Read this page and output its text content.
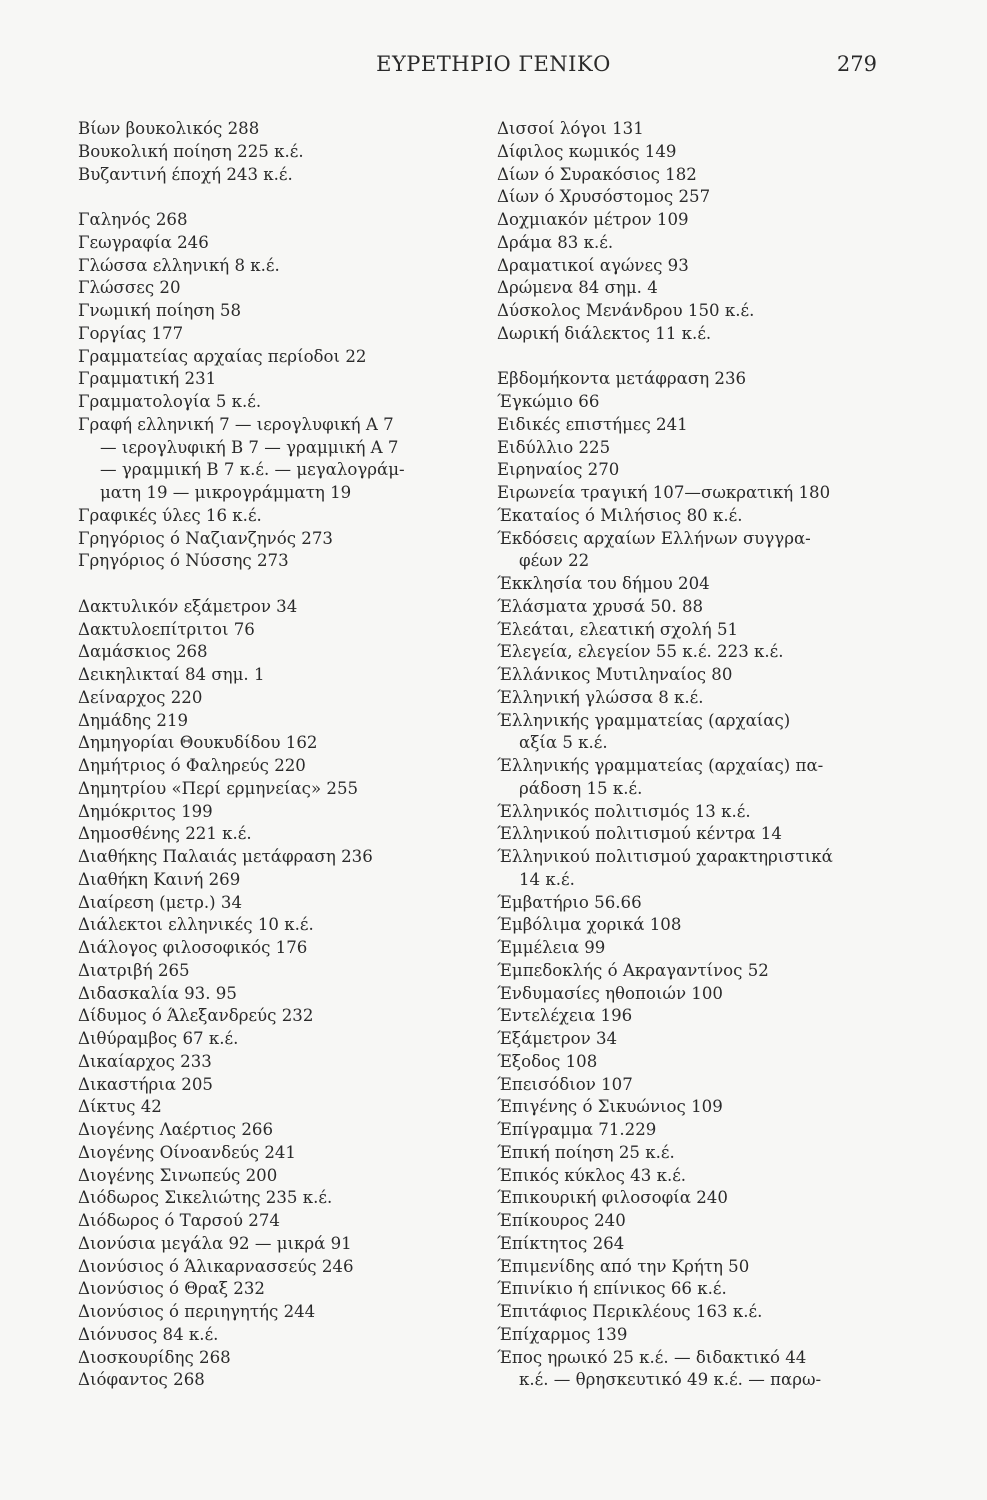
ΕΥΡΕΤΗΡΙΟ ΓΕΝΙΚΟ	279
Βίων βουκολικός 288
Βουκολική ποίηση 225 κ.έ.
Βυζαντινή έποχή 243 κ.έ.
Γαληνός 268
Γεωγραφία 246
Γλώσσα ελληνική 8 κ.έ.
Γλώσσες 20
Γνωμική ποίηση 58
Γοργίας 177
Γραμματείας αρχαίας περίοδοι 22
Γραμματική 231
Γραμματολογία 5 κ.έ.
Γραφή ελληνική 7 — ιερογλυφική Α 7
— ιερογλυφική Β 7 — γραμμική Α 7
— γραμμική Β 7 κ.έ. — μεγαλογράμ-
ματη 19 — μικρογράμματη 19
Γραφικές ύλες 16 κ.έ.
Γρηγόριος ό Ναζιανζηνός 273
Γρηγόριος ό Νύσσης 273
Δακτυλικόν εξάμετρον 34
Δακτυλοεπίτριτοι 76
Δαμάσκιος 268
Δεικηλικταί 84 σημ. 1
Δείναρχος 220
Δημάδης 219
Δημηγορίαι Θουκυδίδου 162
Δημήτριος ό Φαληρεύς 220
Δημητρίου «Περί ερμηνείας» 255
Δημόκριτος 199
Δημοσθένης 221 κ.έ.
Διαθήκης Παλαιάς μετάφραση 236
Διαθήκη Καινή 269
Διαίρεση (μετρ.) 34
Διάλεκτοι ελληνικές 10 κ.έ.
Διάλογος φιλοσοφικός 176
Διατριβή 265
Διδασκαλία 93. 95
Δίδυμος ό Άλεξανδρεύς 232
Διθύραμβος 67 κ.έ.
Δικαίαρχος 233
Δικαστήρια 205
Δίκτυς 42
Διογένης Λαέρτιος 266
Διογένης Οίνοανδεύς 241
Διογένης Σινωπεύς 200
Διόδωρος Σικελιώτης 235 κ.έ.
Διόδωρος ό Ταρσού 274
Διονύσια μεγάλα 92 — μικρά 91
Διονύσιος ό Άλικαρνασσεύς 246
Διονύσιος ό Θραξ 232
Διονύσιος ό περιηγητής 244
Διόνυσος 84 κ.έ.
Διοσκουρίδης 268
Διόφαντος 268
Δισσοί λόγοι 131
Δίφιλος κωμικός 149
Δίων ό Συρακόσιος 182
Δίων ό Χρυσόστομος 257
Δοχμιακόν μέτρον 109
Δράμα 83 κ.έ.
Δραματικοί αγώνες 93
Δρώμενα 84 σημ. 4
Δύσκολος Μενάνδρου 150 κ.έ.
Δωρική διάλεκτος 11 κ.έ.
Εβδομήκοντα μετάφραση 236
Έγκώμιο 66
Ειδικές επιστήμες 241
Ειδύλλιο 225
Ειρηναίος 270
Ειρωνεία τραγική 107—σωκρατική 180
Έκαταίος ό Μιλήσιος 80 κ.έ.
Έκδόσεις αρχαίων Ελλήνων συγγρα-
φέων 22
Έκκλησία του δήμου 204
Έλάσματα χρυσά 50. 88
Έλεάται, ελεατική σχολή 51
Έλεγεία, ελεγείον 55 κ.έ. 223 κ.έ.
Έλλάνικος Μυτιληναίος 80
Έλληνική γλώσσα 8 κ.έ.
Έλληνικής γραμματείας (αρχαίας)
αξία 5 κ.έ.
Έλληνικής γραμματείας (αρχαίας) πα-
ράδοση 15 κ.έ.
Έλληνικός πολιτισμός 13 κ.έ.
Έλληνικού πολιτισμού κέντρα 14
Έλληνικού πολιτισμού χαρακτηριστικά
14 κ.έ.
Έμβατήριο 56.66
Έμβόλιμα χορικά 108
Έμμέλεια 99
Έμπεδοκλής ό Ακραγαντίνος 52
Ένδυμασίες ηθοποιών 100
Έντελέχεια 196
Έξάμετρον 34
Έξοδος 108
Έπεισόδιον 107
Έπιγένης ό Σικυώνιος 109
Έπίγραμμα 71.229
Έπική ποίηση 25 κ.έ.
Έπικός κύκλος 43 κ.έ.
Έπικουρική φιλοσοφία 240
Έπίκουρος 240
Έπίκτητος 264
Έπιμενίδης από την Κρήτη 50
Έπινίκιο ή επίνικος 66 κ.έ.
Έπιτάφιος Περικλέους 163 κ.έ.
Έπίχαρμος 139
Έπος ηρωικό 25 κ.έ. — διδακτικό 44
κ.έ. — θρησκευτικό 49 κ.έ. — παρω-
